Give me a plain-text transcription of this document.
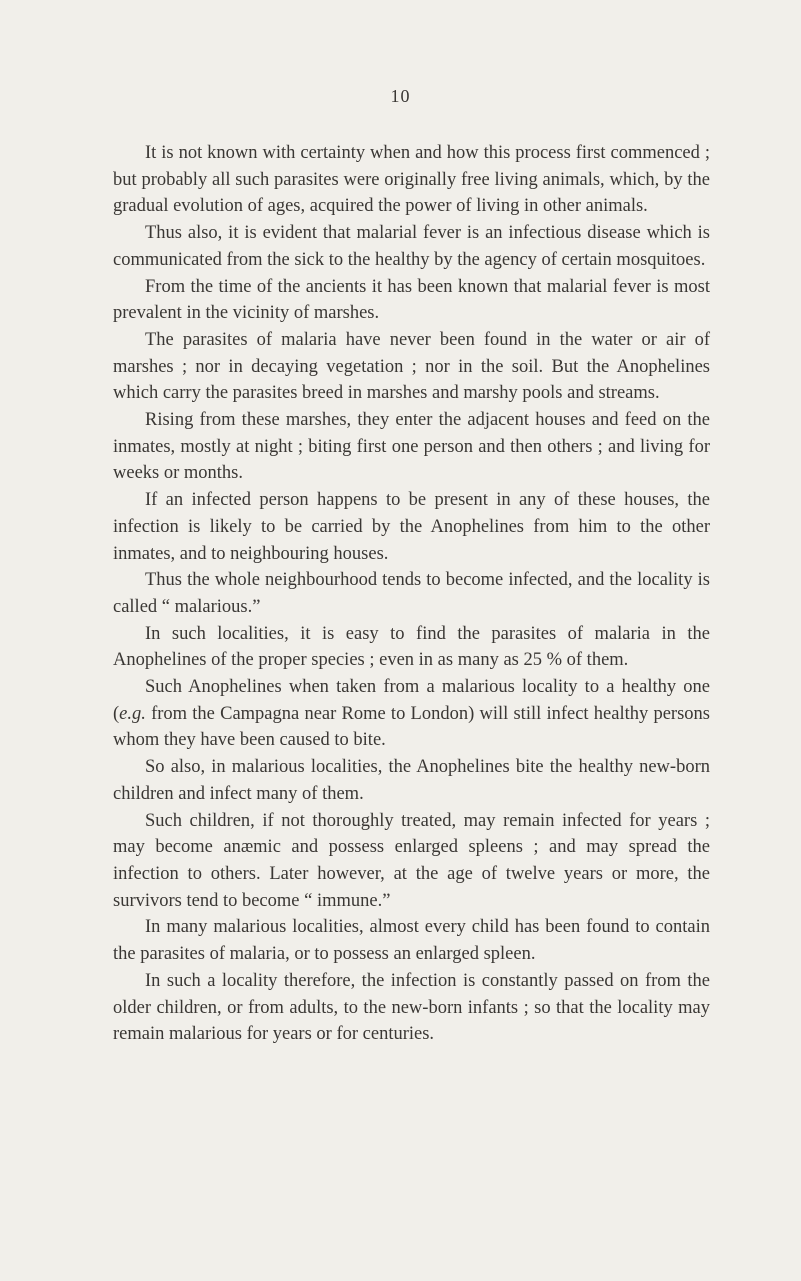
10

It is not known with certainty when and how this process first commenced ; but probably all such parasites were originally free living animals, which, by the gradual evolution of ages, acquired the power of living in other animals.

Thus also, it is evident that malarial fever is an infectious disease which is communicated from the sick to the healthy by the agency of certain mosquitoes.

From the time of the ancients it has been known that malarial fever is most prevalent in the vicinity of marshes.

The parasites of malaria have never been found in the water or air of marshes ; nor in decaying vegetation ; nor in the soil. But the Anophelines which carry the parasites breed in marshes and marshy pools and streams.

Rising from these marshes, they enter the adjacent houses and feed on the inmates, mostly at night ; biting first one person and then others ; and living for weeks or months.

If an infected person happens to be present in any of these houses, the infection is likely to be carried by the Anophelines from him to the other inmates, and to neighbouring houses.

Thus the whole neighbourhood tends to become infected, and the locality is called “ malarious.”

In such localities, it is easy to find the parasites of malaria in the Anophelines of the proper species ; even in as many as 25 % of them.

Such Anophelines when taken from a malarious locality to a healthy one (e.g. from the Campagna near Rome to London) will still infect healthy persons whom they have been caused to bite.

So also, in malarious localities, the Anophelines bite the healthy new-born children and infect many of them.

Such children, if not thoroughly treated, may remain infected for years ; may become anæmic and possess enlarged spleens ; and may spread the infection to others. Later however, at the age of twelve years or more, the survivors tend to become “ immune.”

In many malarious localities, almost every child has been found to contain the parasites of malaria, or to possess an enlarged spleen.

In such a locality therefore, the infection is constantly passed on from the older children, or from adults, to the new-born infants ; so that the locality may remain malarious for years or for centuries.
